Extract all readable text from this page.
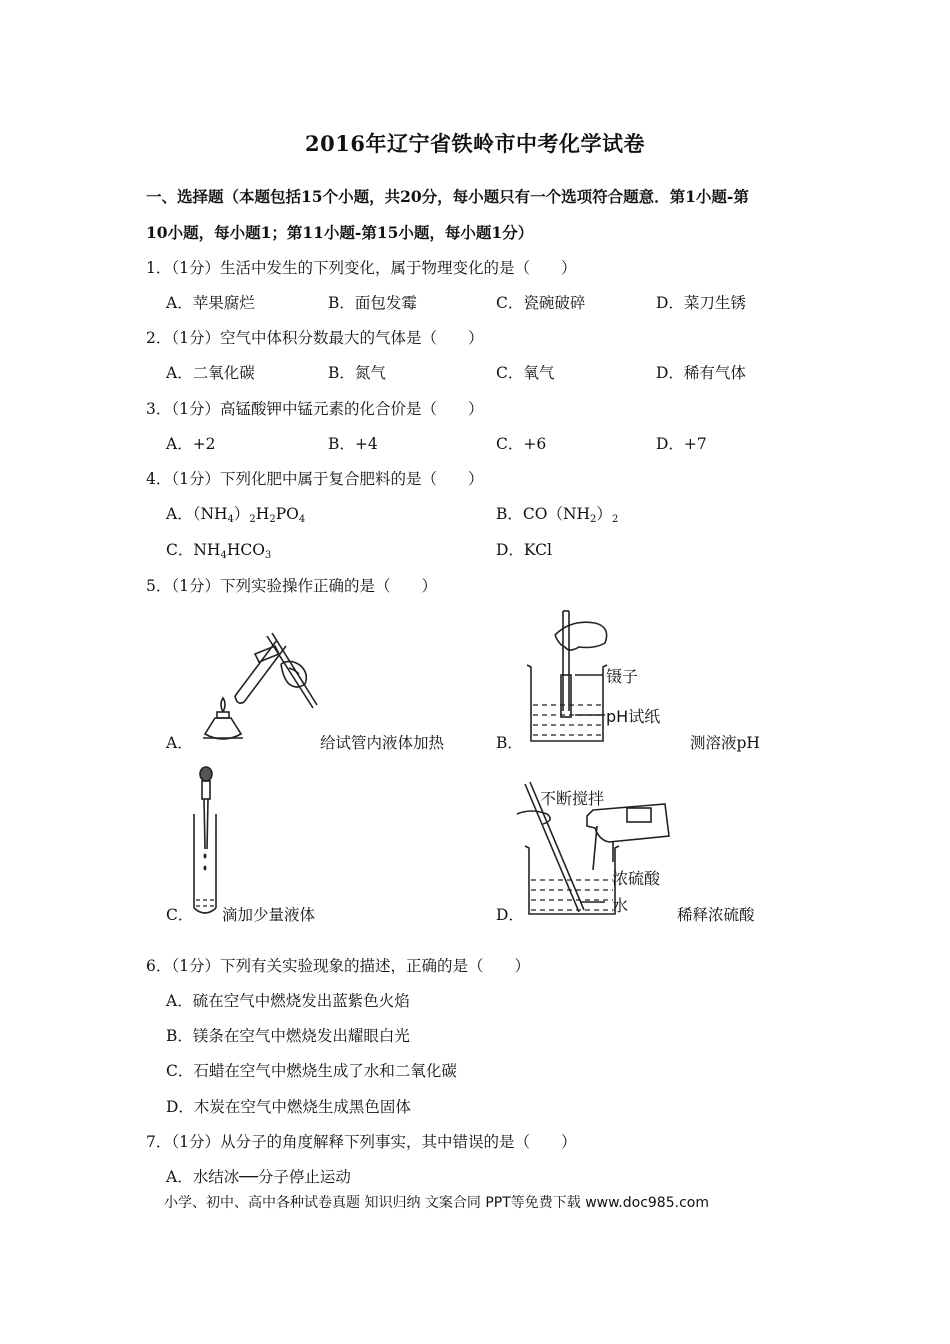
2016年辽宁省铁岭市中考化学试卷
一、选择题（本题包括15个小题，共20分，每小题只有一个选项符合题意．第1小题-第
10小题，每小题1；第11小题-第15小题，每小题1分）
1．（1分）生活中发生的下列变化，属于物理变化的是（　　）
A．苹果腐烂	B．面包发霉	C．瓷碗破碎	D．菜刀生锈
2．（1分）空气中体积分数最大的气体是（　　）
A．二氧化碳	B．氮气	C．氧气	D．稀有气体
3．（1分）高锰酸钾中锰元素的化合价是（　　）
A．+2	B．+4	C．+6	D．+7
4．（1分）下列化肥中属于复合肥料的是（　　）
A．$(NH_4)_2H_2PO_4$	B．$CO(NH_2)_2$
C．$NH_4HCO_3$	D．KCl
5．（1分）下列实验操作正确的是（　　）
A．	给试管内液体加热
镊子
pH试纸
B．	测溶液pH
C． 滴加少量液体
不断搅拌
浓硫酸
水
D．	稀释浓硫酸
6．（1分）下列有关实验现象的描述，正确的是（　　）
A．硫在空气中燃烧发出蓝紫色火焰
B．镁条在空气中燃烧发出耀眼白光
C．石蜡在空气中燃烧生成了水和二氧化碳
D．木炭在空气中燃烧生成黑色固体
7．（1分）从分子的角度解释下列事实，其中错误的是（　　）
A．水结冰──分子停止运动
小学、初中、高中各种试卷真题 知识归纳 文案合同 PPT等免费下载 www.doc985.com
